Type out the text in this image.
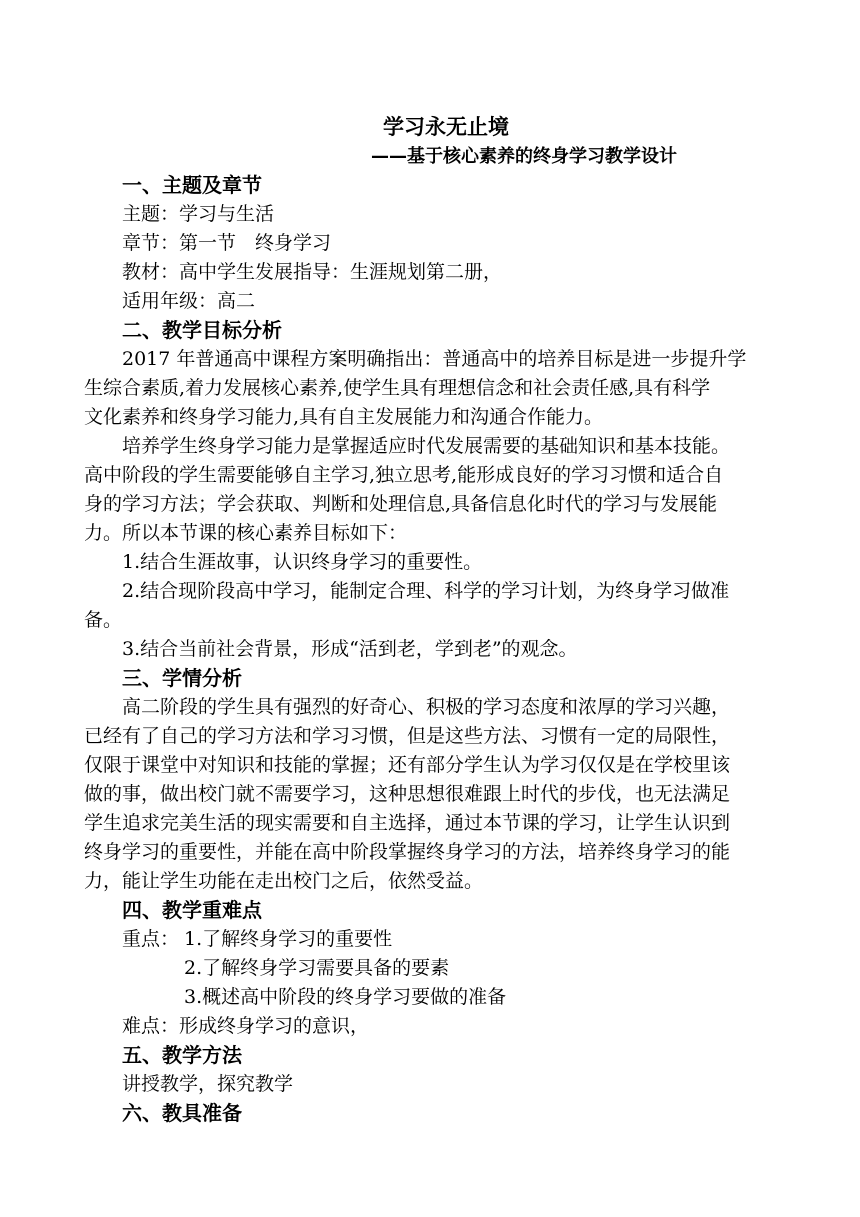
学习永无止境
——基于核心素养的终身学习教学设计
一、主题及章节
主题：学习与生活
章节：第一节　终身学习
教材：高中学生发展指导：生涯规划第二册，
适用年级：高二
二、教学目标分析
2017 年普通高中课程方案明确指出：普通高中的培养目标是进一步提升学
生综合素质,着力发展核心素养,使学生具有理想信念和社会责任感,具有科学
文化素养和终身学习能力,具有自主发展能力和沟通合作能力。
培养学生终身学习能力是掌握适应时代发展需要的基础知识和基本技能。
高中阶段的学生需要能够自主学习,独立思考,能形成良好的学习习惯和适合自
身的学习方法；学会获取、判断和处理信息,具备信息化时代的学习与发展能
力。所以本节课的核心素养目标如下：
1.结合生涯故事，认识终身学习的重要性。
2.结合现阶段高中学习，能制定合理、科学的学习计划，为终身学习做准
备。
3.结合当前社会背景，形成“活到老，学到老”的观念。
三、学情分析
高二阶段的学生具有强烈的好奇心、积极的学习态度和浓厚的学习兴趣，
已经有了自己的学习方法和学习习惯，但是这些方法、习惯有一定的局限性，
仅限于课堂中对知识和技能的掌握；还有部分学生认为学习仅仅是在学校里该
做的事，做出校门就不需要学习，这种思想很难跟上时代的步伐，也无法满足
学生追求完美生活的现实需要和自主选择，通过本节课的学习，让学生认识到
终身学习的重要性，并能在高中阶段掌握终身学习的方法，培养终身学习的能
力，能让学生功能在走出校门之后，依然受益。
四、教学重难点
重点： 1.了解终身学习的重要性
2.了解终身学习需要具备的要素
3.概述高中阶段的终身学习要做的准备
难点：形成终身学习的意识，
五、教学方法
讲授教学，探究教学
六、教具准备
